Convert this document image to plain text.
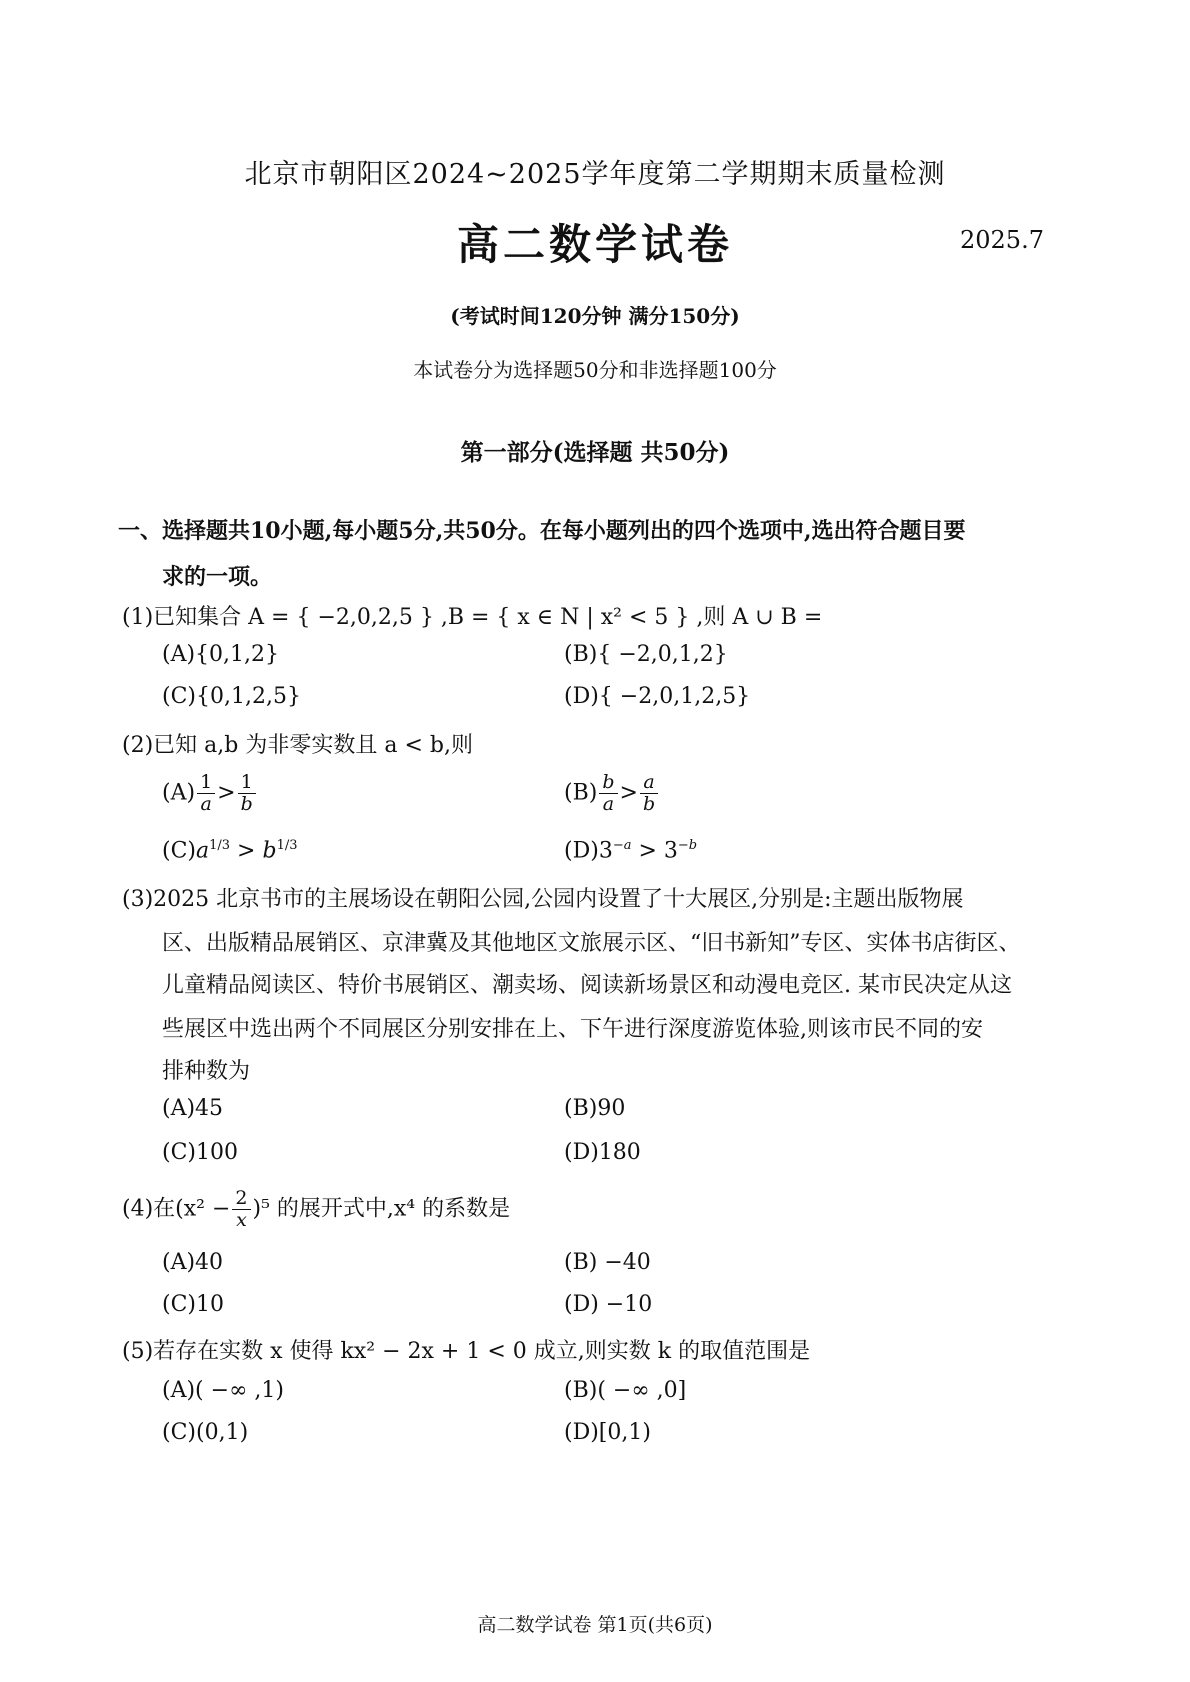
北京市朝阳区2024~2025学年度第二学期期末质量检测
高二数学试卷	2025.7
(考试时间120分钟 满分150分)
本试卷分为选择题50分和非选择题100分
第一部分(选择题 共50分)
一、选择题共10小题,每小题5分,共50分。在每小题列出的四个选项中,选出符合题目要
求的一项。
(1)已知集合 A = { −2,0,2,5 } ,B = { x ∈ N | x² < 5 } ,则 A ∪ B =
(A){0,1,2}	(B){ −2,0,1,2}
(C){0,1,2,5}	(D){ −2,0,1,2,5}
(2)已知 a,b 为非零实数且 a < b,则
$(A) \frac{1}{a} > \frac{1}{b}$	$(B) \frac{b}{a} > \frac{a}{b}$
$(C)a^{1/3} > b^{1/3}$	$(D)3^{-a} > 3^{-b}$
(3)2025 北京书市的主展场设在朝阳公园,公园内设置了十大展区,分别是:主题出版物展
区、出版精品展销区、京津冀及其他地区文旅展示区、“旧书新知”专区、实体书店街区、
儿童精品阅读区、特价书展销区、潮卖场、阅读新场景区和动漫电竞区. 某市民决定从这
些展区中选出两个不同展区分别安排在上、下午进行深度游览体验,则该市民不同的安
排种数为
(A)45	(B)90
(C)100	(D)180
(4)在$(x^2 - \frac{2}{x} )^5$ 的展开式中,x⁴ 的系数是
(A)40	(B) −40
(C)10	(D) −10
(5)若存在实数 x 使得 kx² − 2x + 1 < 0 成立,则实数 k 的取值范围是
(A)( −∞ ,1)	(B)( −∞ ,0]
(C)(0,1)	(D)[0,1)
高二数学试卷 第1页(共6页)
